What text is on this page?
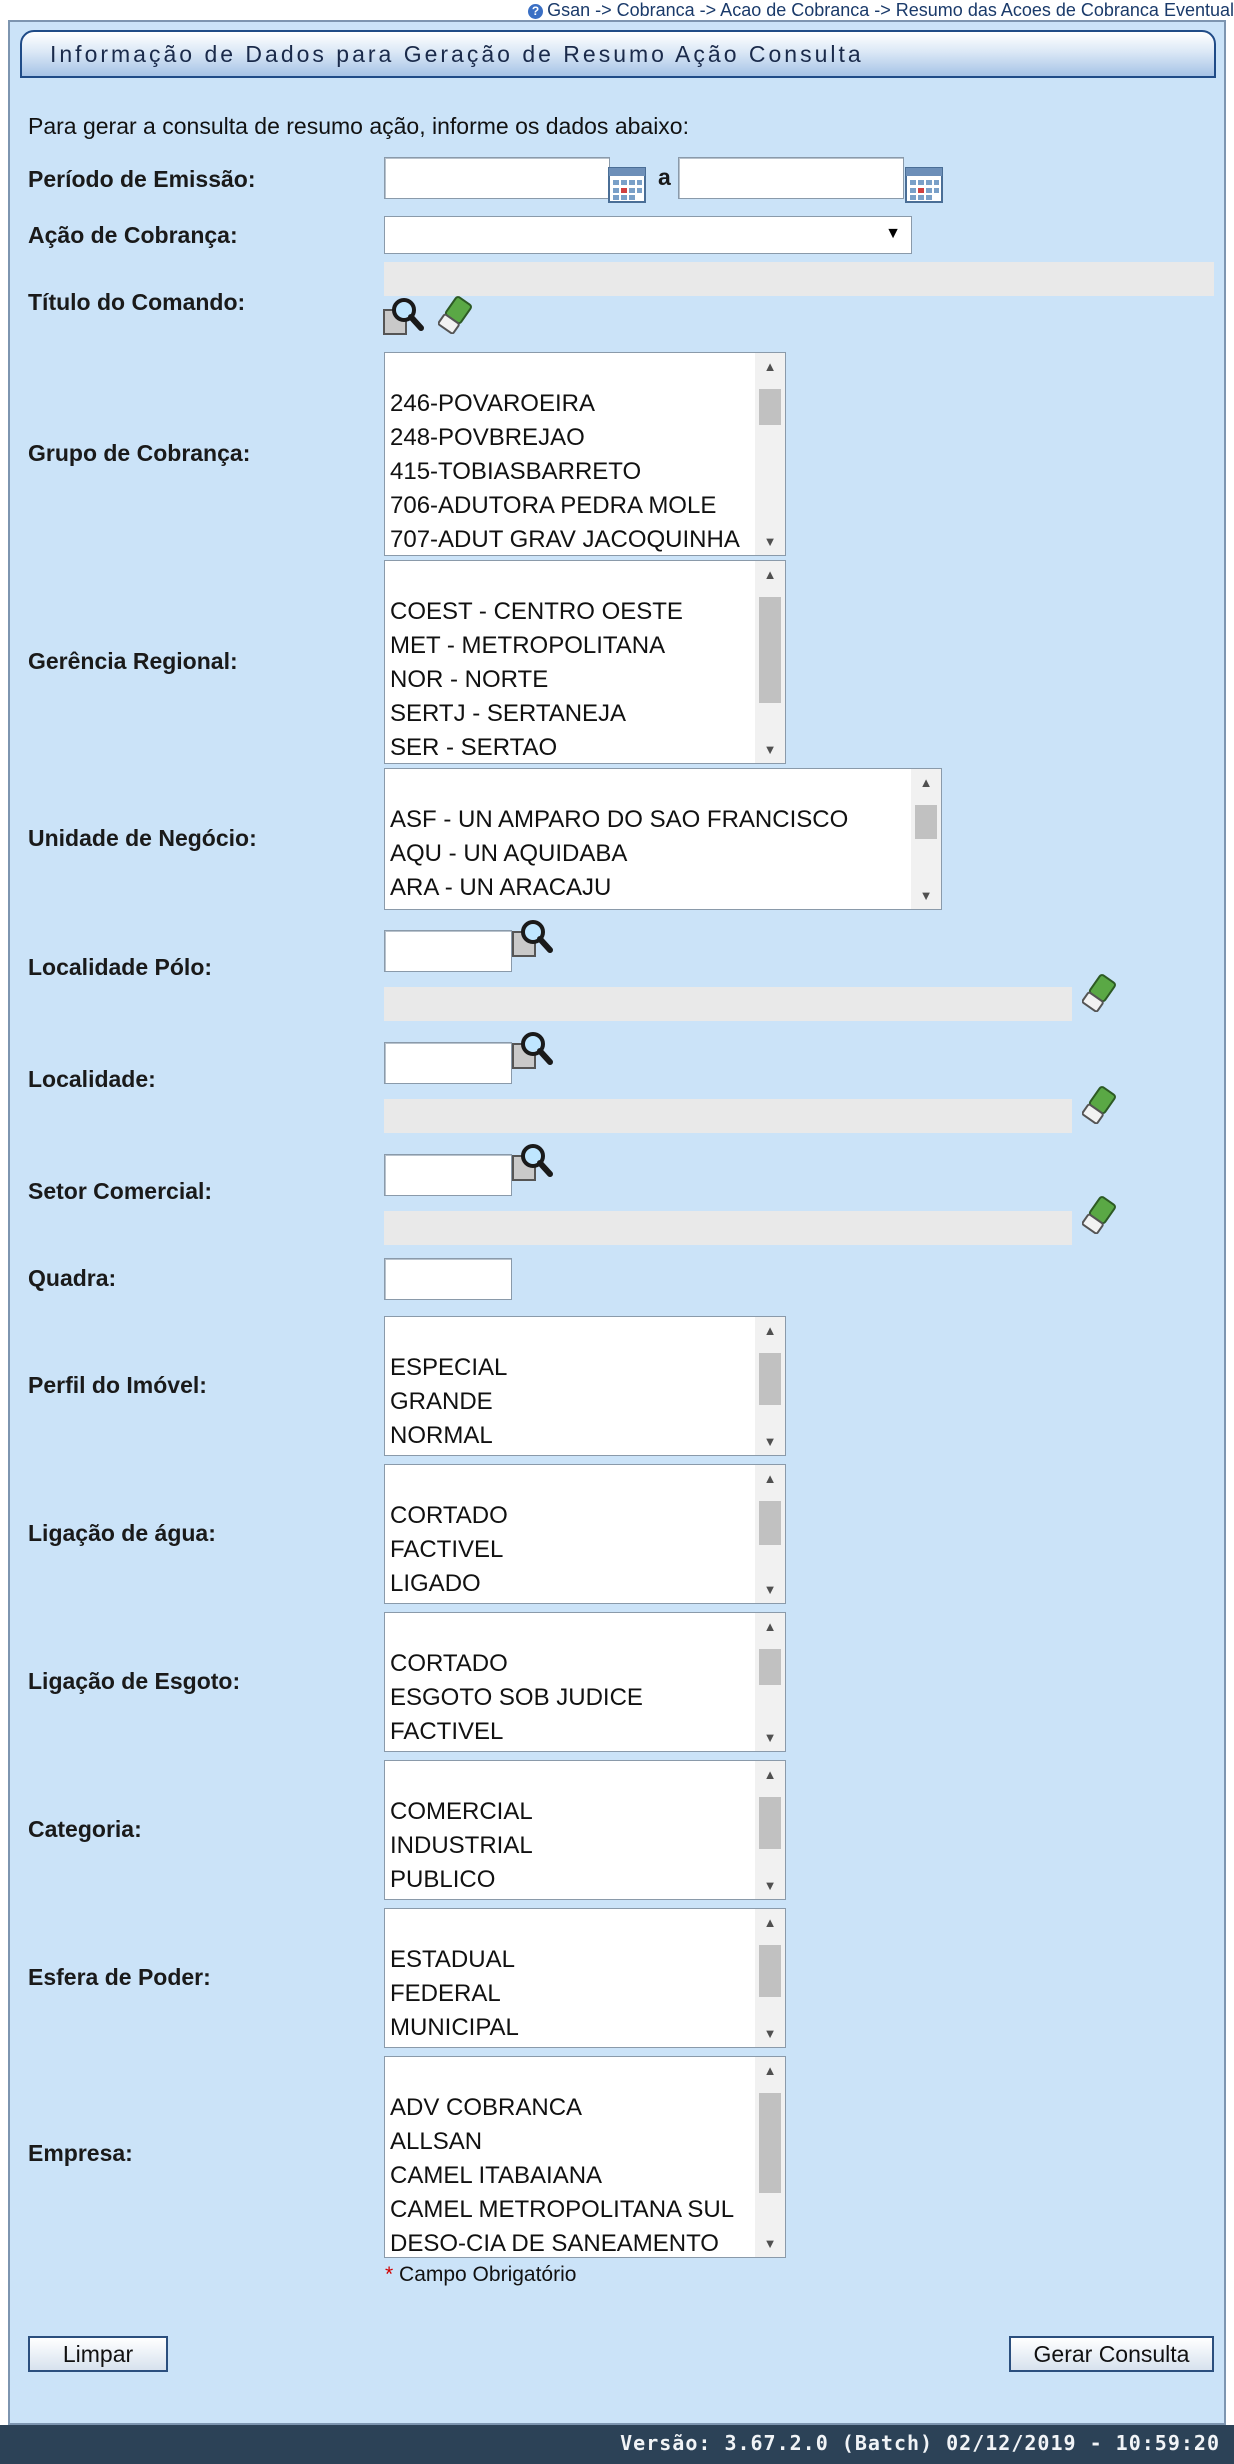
? Gsan -> Cobranca -> Acao de Cobranca -> Resumo das Acoes de Cobranca Eventual
Informação de Dados para Geração de Resumo Ação Consulta
Para gerar a consulta de resumo ação, informe os dados abaixo:
Período de Emissão:	a
Ação de Cobrança:	▼
Título do Comando:
Grupo de Cobrança:
246-POVAROEIRA
248-POVBREJAO
415-TOBIASBARRETO
706-ADUTORA PEDRA MOLE
707-ADUT GRAV JACOQUINHA
▲
▼
Gerência Regional:
COEST - CENTRO OESTE
MET - METROPOLITANA
NOR - NORTE
SERTJ - SERTANEJA
SER - SERTAO
▲
▼
Unidade de Negócio:
ASF - UN AMPARO DO SAO FRANCISCO
AQU - UN AQUIDABA
ARA - UN ARACAJU
▲
▼
Localidade Pólo:
Localidade:
Setor Comercial:
Quadra:
Perfil do Imóvel:
ESPECIAL
GRANDE
NORMAL
▲
▼
Ligação de água:
CORTADO
FACTIVEL
LIGADO
▲
▼
Ligação de Esgoto:
CORTADO
ESGOTO SOB JUDICE
FACTIVEL
▲
▼
Categoria:
COMERCIAL
INDUSTRIAL
PUBLICO
▲
▼
Esfera de Poder:
ESTADUAL
FEDERAL
MUNICIPAL
▲
▼
Empresa:
ADV COBRANCA
ALLSAN
CAMEL ITABAIANA
CAMEL METROPOLITANA SUL
DESO-CIA DE SANEAMENTO
▲
▼
* Campo Obrigatório
Limpar	Gerar Consulta
Versão: 3.67.2.0 (Batch) 02/12/2019 - 10:59:20
